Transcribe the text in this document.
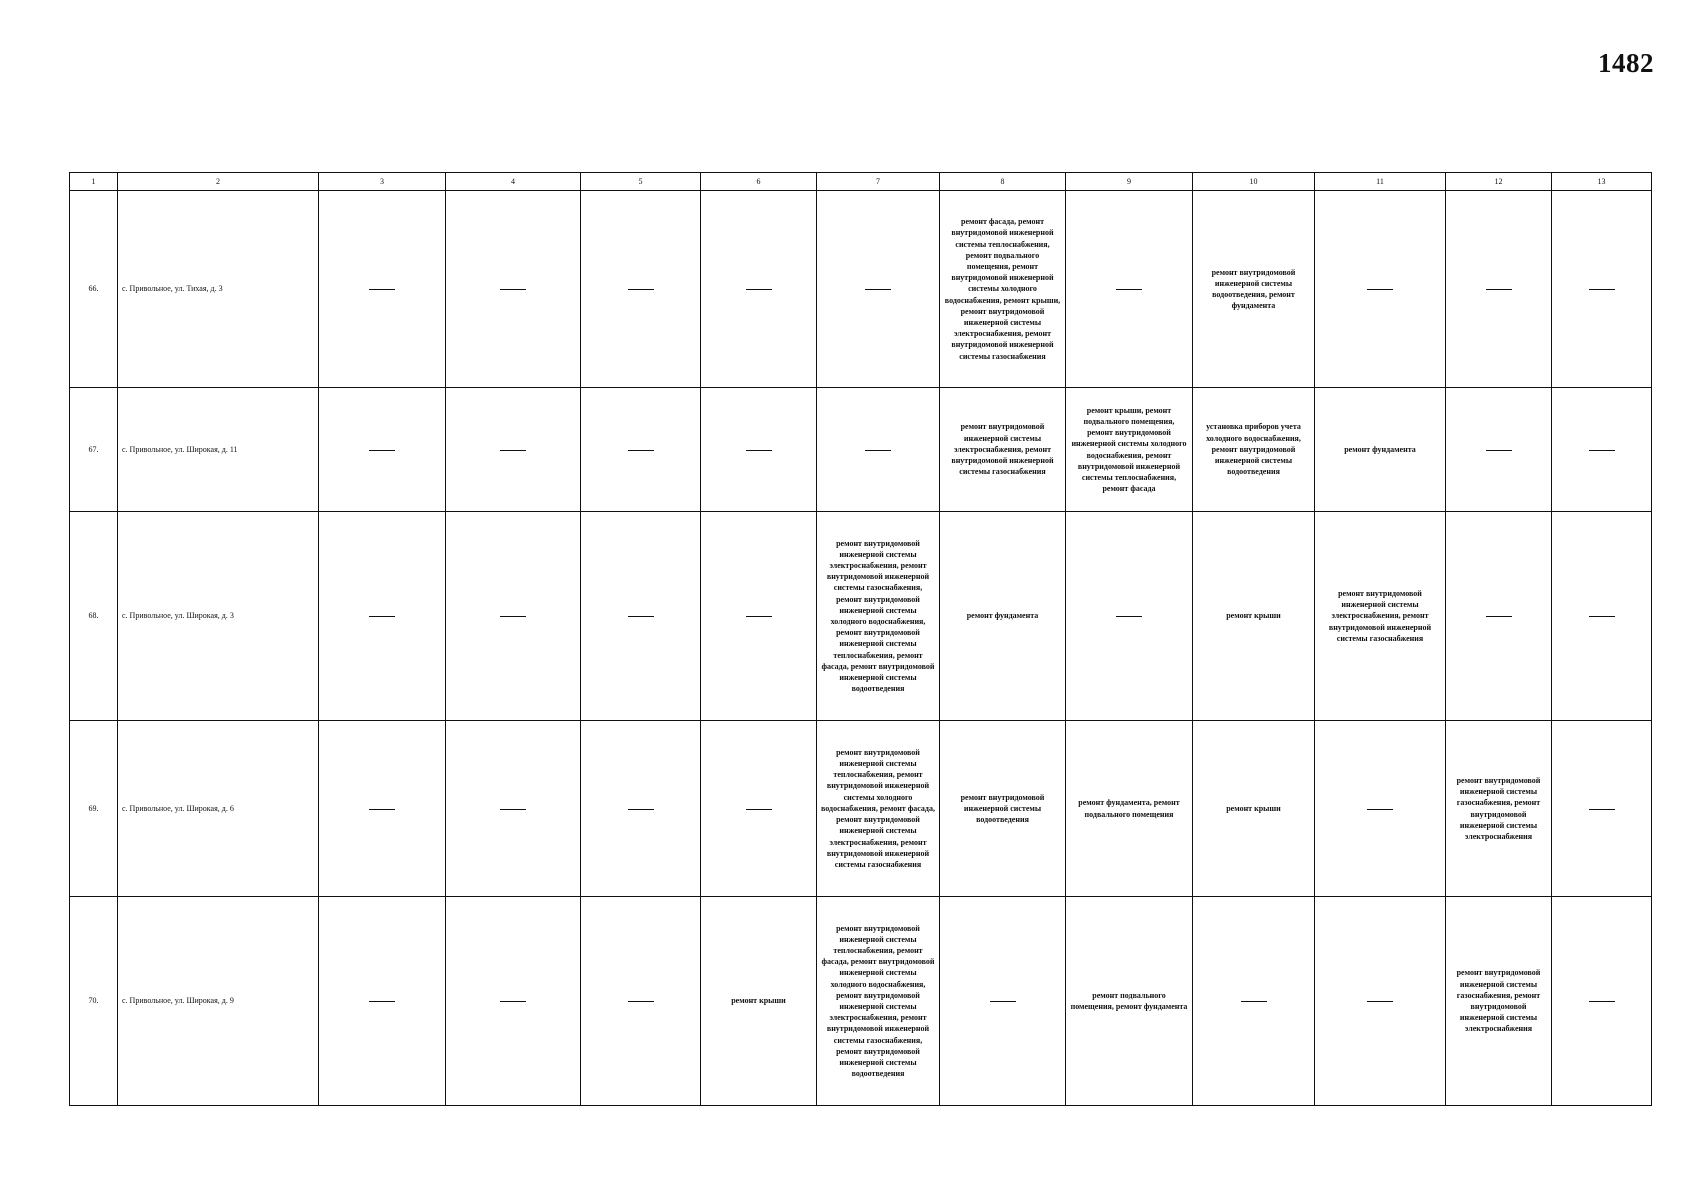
1482
1	2	3	4	5	6	7	8	9	10	11	12	13
66.	с. Привольное, ул. Тихая, д. 3						ремонт фасада, ремонт внутридомовой инженерной системы теплоснабжения, ремонт подвального помещения, ремонт внутридомовой инженерной системы холодного водоснабжения, ремонт крыши, ремонт внутридомовой инженерной системы электроснабжения, ремонт внутридомовой инженерной системы газоснабжения		ремонт внутридомовой инженерной системы водоотведения, ремонт фундамента			
67.	с. Привольное, ул. Широкая, д. 11						ремонт внутридомовой инженерной системы электроснабжения, ремонт внутридомовой инженерной системы газоснабжения	ремонт крыши, ремонт подвального помещения, ремонт внутридомовой инженерной системы холодного водоснабжения, ремонт внутридомовой инженерной системы теплоснабжения, ремонт фасада	установка приборов учета холодного водоснабжения, ремонт внутридомовой инженерной системы водоотведения	ремонт фундамента		
68.	с. Привольное, ул. Широкая, д. 3					ремонт внутридомовой инженерной системы электроснабжения, ремонт внутридомовой инженерной системы газоснабжения, ремонт внутридомовой инженерной системы холодного водоснабжения, ремонт внутридомовой инженерной системы теплоснабжения, ремонт фасада, ремонт внутридомовой инженерной системы водоотведения	ремонт фундамента		ремонт крыши	ремонт внутридомовой инженерной системы электроснабжения, ремонт внутридомовой инженерной системы газоснабжения		
69.	с. Привольное, ул. Широкая, д. 6					ремонт внутридомовой инженерной системы теплоснабжения, ремонт внутридомовой инженерной системы холодного водоснабжения, ремонт фасада, ремонт внутридомовой инженерной системы электроснабжения, ремонт внутридомовой инженерной системы газоснабжения	ремонт внутридомовой инженерной системы водоотведения	ремонт фундамента, ремонт подвального помещения	ремонт крыши		ремонт внутридомовой инженерной системы газоснабжения, ремонт внутридомовой инженерной системы электроснабжения	
70.	с. Привольное, ул. Широкая, д. 9				ремонт крыши	ремонт внутридомовой инженерной системы теплоснабжения, ремонт фасада, ремонт внутридомовой инженерной системы холодного водоснабжения, ремонт внутридомовой инженерной системы электроснабжения, ремонт внутридомовой инженерной системы газоснабжения, ремонт внутридомовой инженерной системы водоотведения		ремонт подвального помещения, ремонт фундамента			ремонт внутридомовой инженерной системы газоснабжения, ремонт внутридомовой инженерной системы электроснабжения	
